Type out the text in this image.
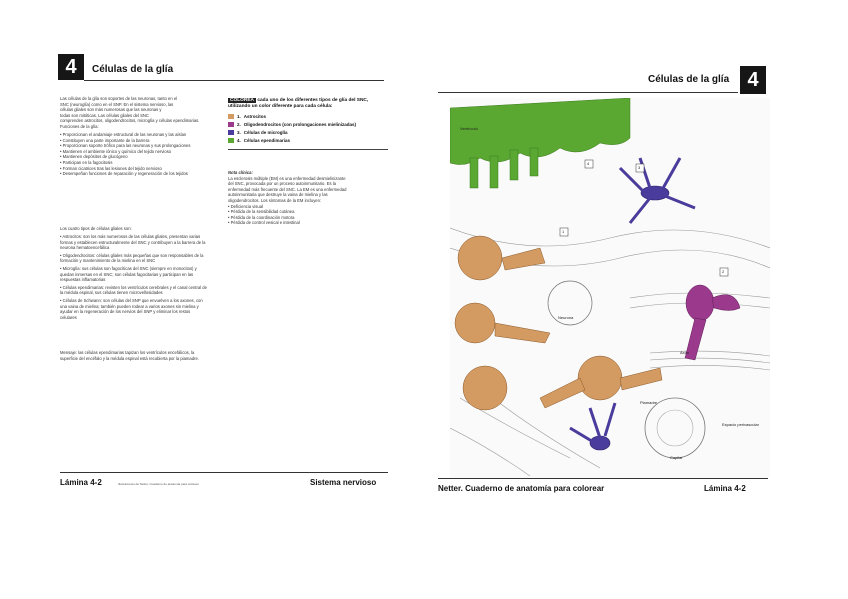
4	Células de la glía
Las células de la glía son soportes de las neuronas, tanto en el
SNC (neuroglía) como en el SNP. En el sistema nervioso, las
células gliales son más numerosas que las neuronas y
todas son mitóticas. Las células gliales del SNC
comprenden astrocitos, oligodendrocitos, microglía y células ependimarias.
Funciones de la glía:
• Proporcionan el andamiaje estructural de las neuronas y las aíslan
• Constituyen una parte importante de la barrera
• Proporcionan soporte trófico para las neuronas y sus prolongaciones
• Mantienen el ambiente iónico y químico del tejido nervioso
• Mantienen depósitos de glucógeno
• Participan en la fagocitosis
• Forman cicatrices tras las lesiones del tejido nervioso
• Desempeñan funciones de reparación y regeneración de los tejidos
Los cuatro tipos de células gliales son:
• Astrocitos: son los más numerosos de las células gliales, presentan varias formas y establecen estructuralmente del SNC y contribuyen a la barrera de la neurona hematoencefálica
• Oligodendrocitos: células gliales más pequeñas que son responsables de la formación y mantenimiento de la mielina en el SNC
• Microglía: sus células son fagocíticas del SNC (siempre en monocitos) y quedan inmersas en el SNC; son células fagocitarias y participan en las respuestas inflamatorias
• Células ependimarias: revisten los ventrículos cerebrales y el canal central de la médula espinal, sus células tienen microvellosidades
• Células de Schwann: son células del SNP que envuelven a los axones, con una vaina de mielina; también pueden rodear a varios axones sin mielina y ayudar en la regeneración de los nervios del SNP y eliminar los restos celulares
Mensaje: las células ependimarias tapizan los ventrículos encefálicos, la superficie del encéfalo y la médula espinal está recubierta por la piamadre.
COLOREA cada uno de los diferentes tipos de glía del SNC, utilizando un color diferente para cada célula:
1. Astrocitos
2. Oligodendrocitos (con prolongaciones mielinizadas)
3. Células de microglía
4. Células ependimarias
Nota clínica:
La esclerosis múltiple (EM) es una enfermedad desmielinizante
del SNC, provocada por un proceso autoinmunitario. Es la
enfermedad más frecuente del SNC. La EM es una enfermedad
autoinmunitaria que destruye la vaina de mielina y las
oligodendrocitos. Los síntomas de la EM incluyen:
• Deficiencia visual
• Pérdida de la sensibilidad cutánea
• Pérdida de la coordinación motora
• Pérdida de control vesical e intestinal
Lámina 4-2	Ilustraciones de Netter, Cuaderno de anatomía para colorear	Sistema nervioso
Células de la glía 4
Ventrículo
Neurona
Axón
Piamadre
Espacio perivascular
Capilar
4
3
2
1
Netter. Cuaderno de anatomía para colorear	Lámina 4-2
